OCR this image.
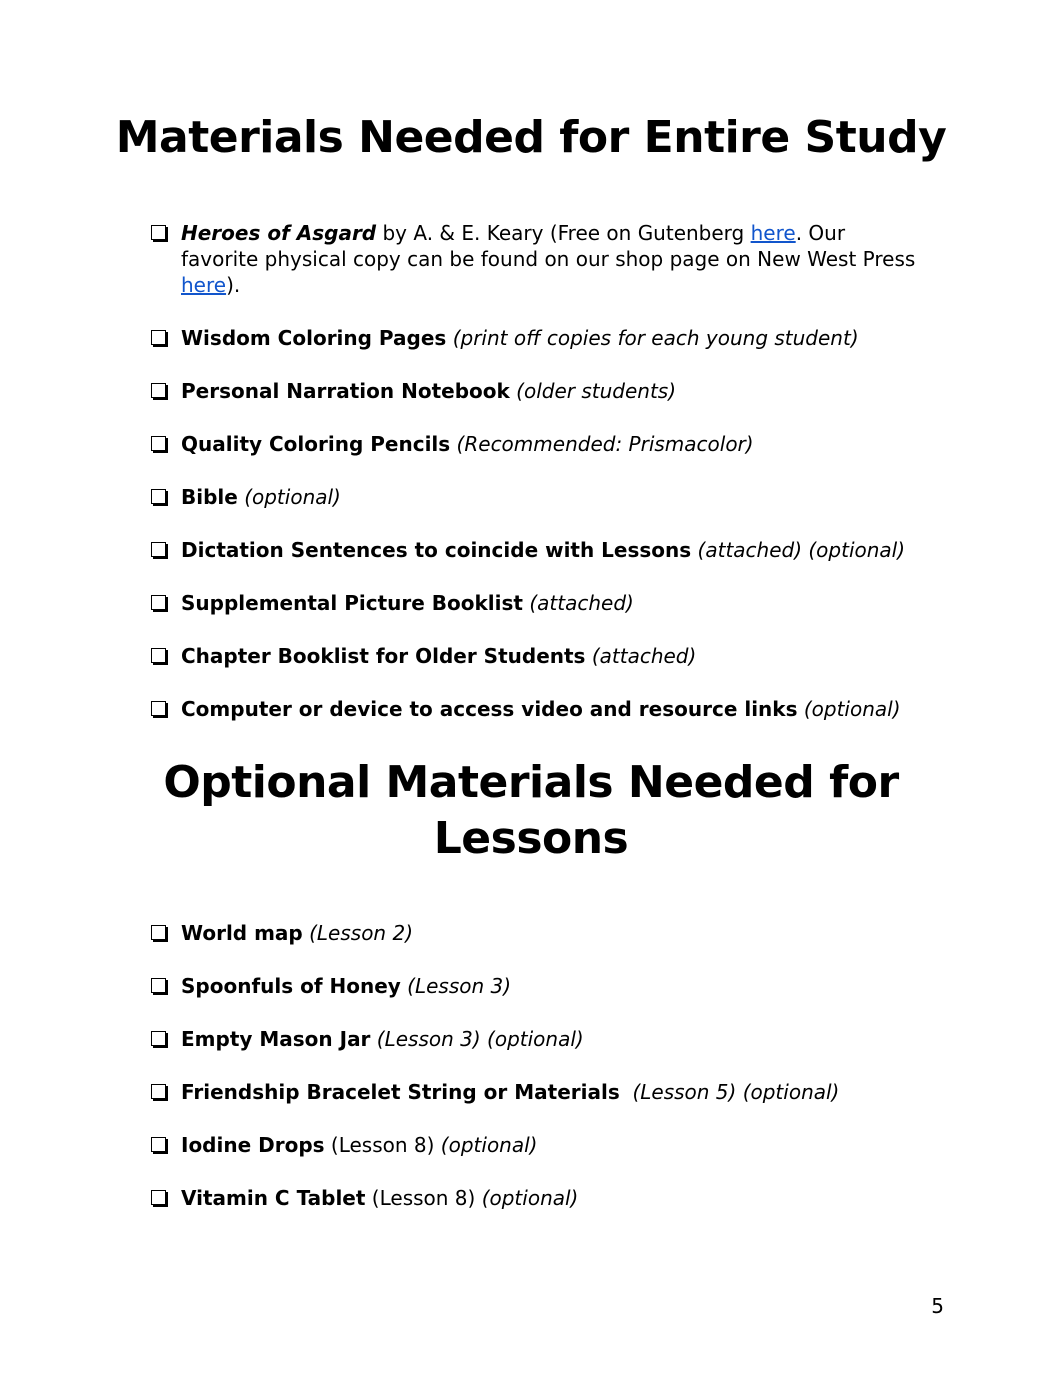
Materials Needed for Entire Study
Heroes of Asgard by A. & E. Keary (Free on Gutenberg here. Our favorite physical copy can be found on our shop page on New West Press here).
Wisdom Coloring Pages (print off copies for each young student)
Personal Narration Notebook (older students)
Quality Coloring Pencils (Recommended: Prismacolor)
Bible (optional)
Dictation Sentences to coincide with Lessons (attached) (optional)
Supplemental Picture Booklist (attached)
Chapter Booklist for Older Students (attached)
Computer or device to access video and resource links (optional)
Optional Materials Needed for
Lessons
World map (Lesson 2)
Spoonfuls of Honey (Lesson 3)
Empty Mason Jar (Lesson 3) (optional)
Friendship Bracelet String or Materials  (Lesson 5) (optional)
Iodine Drops (Lesson 8) (optional)
Vitamin C Tablet (Lesson 8) (optional)
5
